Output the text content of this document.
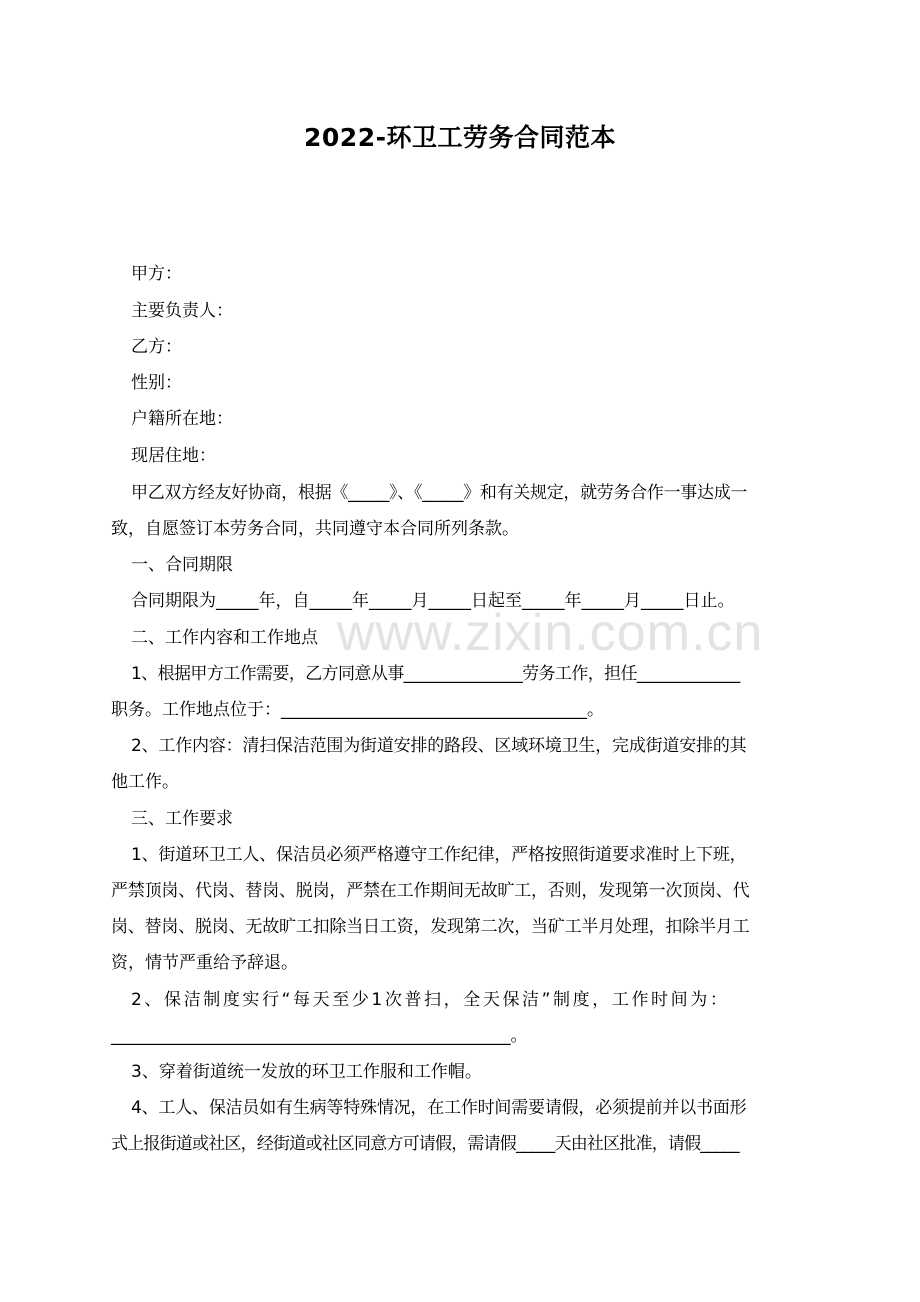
www.zixin.com.cn
2022-环卫工劳务合同范本
甲方：
主要负责人：
乙方：
性别：
户籍所在地：
现居住地：
甲乙双方经友好协商，根据《_____》、《_____》和有关规定，就劳务合作一事达成一
致，自愿签订本劳务合同，共同遵守本合同所列条款。
一、合同期限
合同期限为_____年，自_____年_____月_____日起至_____年_____月_____日止。
二、工作内容和工作地点
1、根据甲方工作需要，乙方同意从事_______________劳务工作，担任_____________
职务。工作地点位于：____________________________________。
2、工作内容：清扫保洁范围为街道安排的路段、区域环境卫生，完成街道安排的其
他工作。
三、工作要求
1、街道环卫工人、保洁员必须严格遵守工作纪律，严格按照街道要求准时上下班，
严禁顶岗、代岗、替岗、脱岗，严禁在工作期间无故旷工，否则，发现第一次顶岗、代
岗、替岗、脱岗、无故旷工扣除当日工资，发现第二次，当矿工半月处理，扣除半月工
资，情节严重给予辞退。
2、保洁制度实行“每天至少1次普扫，全天保洁”制度，工作时间为：
_______________________________________________。
3、穿着街道统一发放的环卫工作服和工作帽。
4、工人、保洁员如有生病等特殊情况，在工作时间需要请假，必须提前并以书面形
式上报街道或社区，经街道或社区同意方可请假，需请假_____天由社区批准，请假_____
